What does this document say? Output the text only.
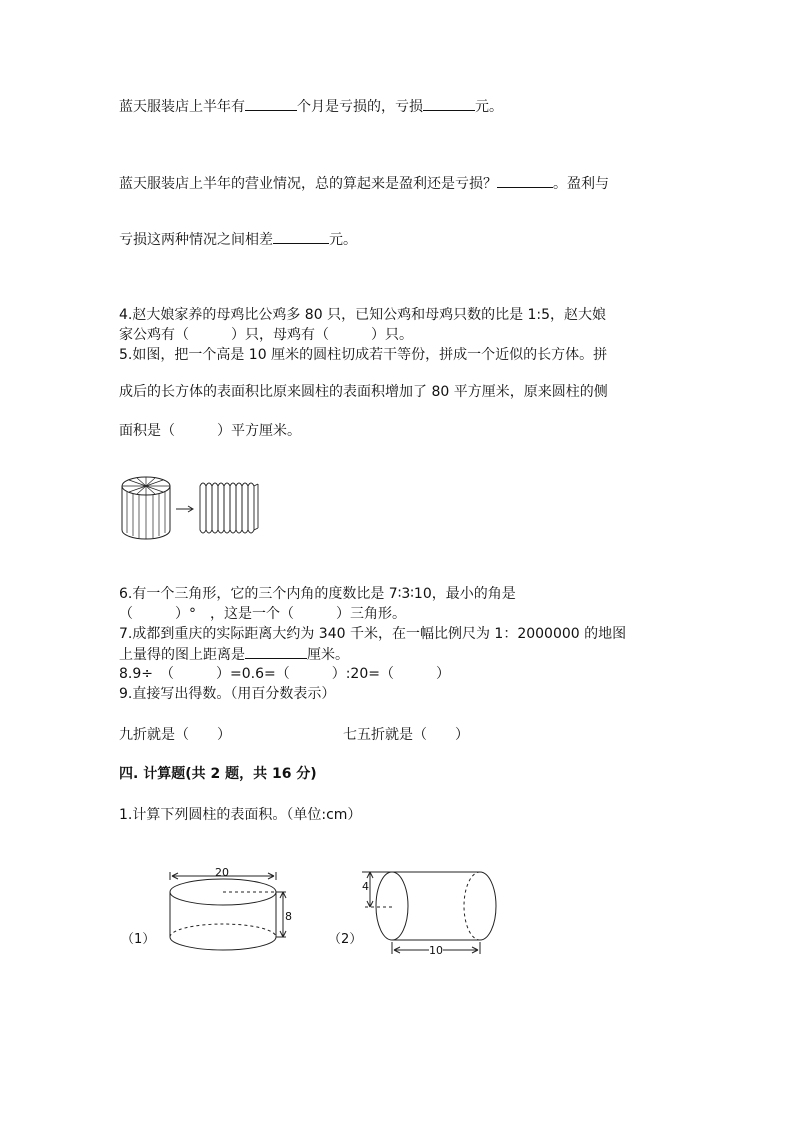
蓝天服装店上半年有	个月是亏损的，亏损	元。
蓝天服装店上半年的营业情况，总的算起来是盈利还是亏损？	。盈利与
亏损这两种情况之间相差	元。
4.赵大娘家养的母鸡比公鸡多 80 只，已知公鸡和母鸡只数的比是 1:5，赵大娘
家公鸡有（　　　）只，母鸡有（　　　）只。
5.如图，把一个高是 10 厘米的圆柱切成若干等份，拼成一个近似的长方体。拼
成后的长方体的表面积比原来圆柱的表面积增加了 80 平方厘米，原来圆柱的侧
面积是（　　　）平方厘米。
6.有一个三角形，它的三个内角的度数比是 7∶3∶10，最小的角是
（　　　）°　，这是一个（　　　）三角形。
7.成都到重庆的实际距离大约为 340 千米，在一幅比例尺为 1：2000000 的地图
上量得的图上距离是	厘米。
8.9÷　（　　　）=0.6=（　　　）:20=（　　　）
9.直接写出得数。（用百分数表示）
九折就是（　　）	七五折就是（　　）
四. 计算题(共 2 题，共 16 分)
1.计算下列圆柱的表面积。（单位:cm）
（1）
20
8
（2）
4
10
